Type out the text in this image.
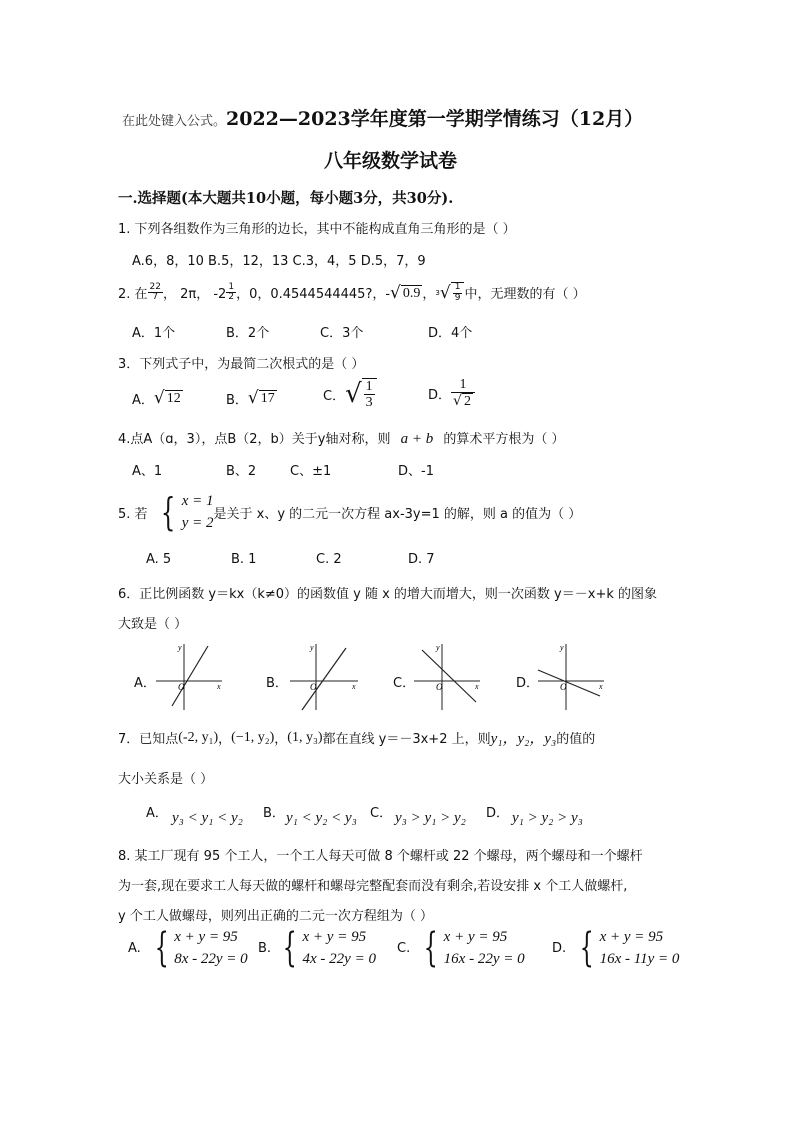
在此处键入公式。2022—2023学年度第一学期学情练习（12月）
八年级数学试卷
一.选择题(本大题共10小题，每小题3分，共30分).
1. 下列各组数作为三角形的边长，其中不能构成直角三角形的是（ ）
A.6，8，10 B.5，12，13 C.3，4，5 D.5，7，9
2. 在 $\frac{22}{7}$ ， 2π， $-2 \frac{1}{2}$ ，0，0.4544544445?，- √ 0.9 ， 3 √ $\frac{1}{9}$ 中，无理数的有（ ）
A．1个	B．2个	C．3个	D．4个
3．下列式子中，为最简二次根式的是（ ）
A． √ 12	B． √ 17	C． √ $\frac{1}{3}$	D． $\frac{1}{√ 2}$
4.点A（ɑ，3），点B（2，b）关于y轴对称，则 a + b 的算术平方根为（ ）
A、1	B、2	C、±1	D、-1
5. 若 { x = 1
y = 2
是关于 x、y 的二元一次方程 ax-3y=1 的解，则 a 的值为（ ）
A. 5	B. 1	C. 2	D. 7
6．正比例函数 y＝kx（k≠0）的函数值 y 随 x 的增大而增大，则一次函数 y＝－x+k 的图象
大致是（ ）
A．	B．	C．	D．
y
x
O
y
x
O
y
x
O
y
x
O
7．已知点 (-2, y₁) ， (−1, y₂) ， (1, y₃) 都在直线 y＝－3x+2 上，则 y₁，y₂，y₃ 的值的
大小关系是（ ）
A． y₃ < y₁ < y₂ B． y₁ < y₂ < y₃ C． y₃ > y₁ > y₂ D． y₁ > y₂ > y₃
8. 某工厂现有 95 个工人，一个工人每天可做 8 个螺杆或 22 个螺母，两个螺母和一个螺杆
为一套,现在要求工人每天做的螺杆和螺母完整配套而没有剩余,若设安排 x 个工人做螺杆,
y 个工人做螺母，则列出正确的二元一次方程组为（ ）
A. { x + y = 95
8x - 22y = 0
B. { x + y = 95
4x - 22y = 0
C. { x + y = 95
16x - 22y = 0
D. { x + y = 95
16x - 11y = 0
